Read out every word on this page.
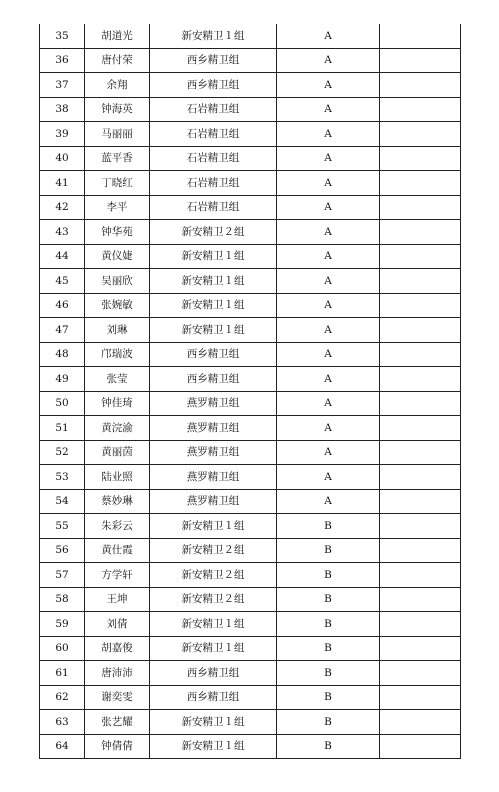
35	胡道光	新安精卫１组	A	
36	唐付荣	西乡精卫组	A	
37	余翔	西乡精卫组	A	
38	钟海英	石岩精卫组	A	
39	马丽丽	石岩精卫组	A	
40	蓝平香	石岩精卫组	A	
41	丁晓红	石岩精卫组	A	
42	李平	石岩精卫组	A	
43	钟华苑	新安精卫２组	A	
44	黄仪婕	新安精卫１组	A	
45	吴丽欣	新安精卫１组	A	
46	张婉敏	新安精卫１组	A	
47	刘琳	新安精卫１组	A	
48	邝瑞波	西乡精卫组	A	
49	张莹	西乡精卫组	A	
50	钟佳琦	燕罗精卫组	A	
51	黄浣渝	燕罗精卫组	A	
52	黄丽茵	燕罗精卫组	A	
53	陆业照	燕罗精卫组	A	
54	蔡妙琳	燕罗精卫组	A	
55	朱彩云	新安精卫１组	B	
56	黄仕霞	新安精卫２组	B	
57	方学轩	新安精卫２组	B	
58	王坤	新安精卫２组	B	
59	刘倩	新安精卫１组	B	
60	胡嘉俊	新安精卫１组	B	
61	唐沛沛	西乡精卫组	B	
62	谢奕雯	西乡精卫组	B	
63	张艺耀	新安精卫１组	B	
64	钟倩倩	新安精卫１组	B	
